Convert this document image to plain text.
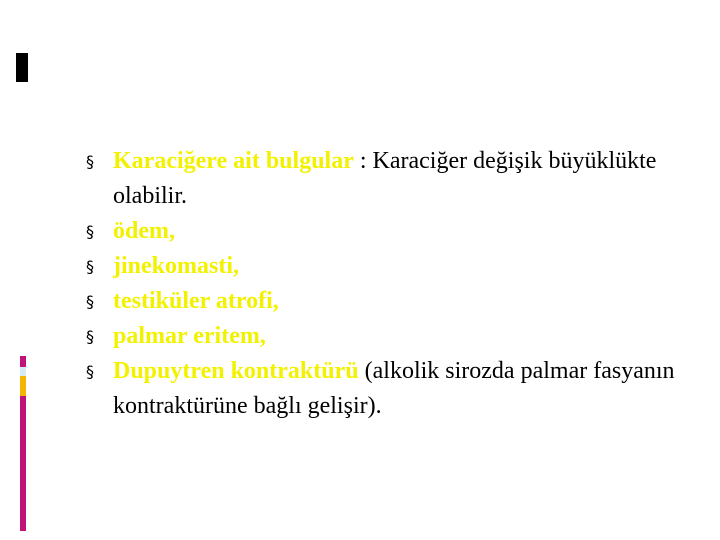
§ Karaciğere ait bulgular : Karaciğer değişik büyüklükte olabilir.
§ ödem,
§ jinekomasti,
§ testiküler atrofi,
§ palmar eritem,
§ Dupuytren kontraktürü (alkolik sirozda palmar fasyanın kontraktürüne bağlı gelişir).
